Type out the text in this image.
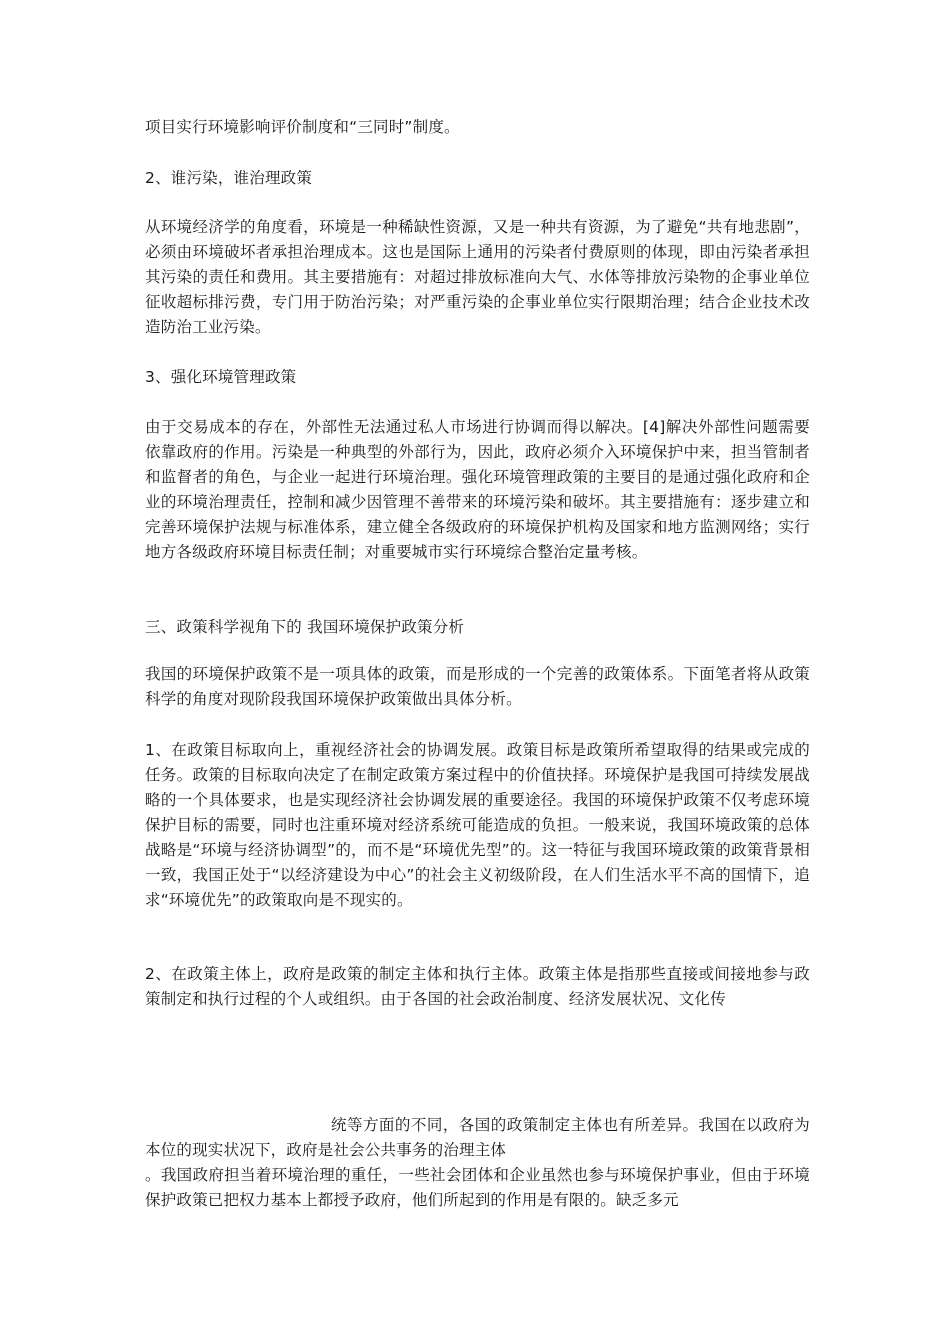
项目实行环境影响评价制度和“三同时”制度。

2、谁污染，谁治理政策

从环境经济学的角度看，环境是一种稀缺性资源，又是一种共有资源，为了避免“共有地悲剧”，必须由环境破坏者承担治理成本。这也是国际上通用的污染者付费原则的体现，即由污染者承担其污染的责任和费用。其主要措施有：对超过排放标准向大气、水体等排放污染物的企事业单位征收超标排污费，专门用于防治污染；对严重污染的企事业单位实行限期治理；结合企业技术改造防治工业污染。

3、强化环境管理政策

由于交易成本的存在，外部性无法通过私人市场进行协调而得以解决。[4]解决外部性问题需要依靠政府的作用。污染是一种典型的外部行为，因此，政府必须介入环境保护中来，担当管制者和监督者的角色，与企业一起进行环境治理。强化环境管理政策的主要目的是通过强化政府和企业的环境治理责任，控制和减少因管理不善带来的环境污染和破坏。其主要措施有：逐步建立和完善环境保护法规与标准体系，建立健全各级政府的环境保护机构及国家和地方监测网络；实行地方各级政府环境目标责任制；对重要城市实行环境综合整治定量考核。

三、政策科学视角下的 我国环境保护政策分析

我国的环境保护政策不是一项具体的政策，而是形成的一个完善的政策体系。下面笔者将从政策科学的角度对现阶段我国环境保护政策做出具体分析。

1、在政策目标取向上，重视经济社会的协调发展。政策目标是政策所希望取得的结果或完成的任务。政策的目标取向决定了在制定政策方案过程中的价值抉择。环境保护是我国可持续发展战略的一个具体要求，也是实现经济社会协调发展的重要途径。我国的环境保护政策不仅考虑环境保护目标的需要，同时也注重环境对经济系统可能造成的负担。一般来说，我国环境政策的总体战略是“环境与经济协调型”的，而不是“环境优先型”的。这一特征与我国环境政策的政策背景相一致，我国正处于“以经济建设为中心”的社会主义初级阶段，在人们生活水平不高的国情下，追求“环境优先”的政策取向是不现实的。

2、在政策主体上，政府是政策的制定主体和执行主体。政策主体是指那些直接或间接地参与政策制定和执行过程的个人或组织。由于各国的社会政治制度、经济发展状况、文化传

统等方面的不同，各国的政策制定主体也有所差异。我国在以政府为本位的现实状况下，政府是社会公共事务的治理主体

。我国政府担当着环境治理的重任，一些社会团体和企业虽然也参与环境保护事业，但由于环境保护政策已把权力基本上都授予政府，他们所起到的作用是有限的。缺乏多元
